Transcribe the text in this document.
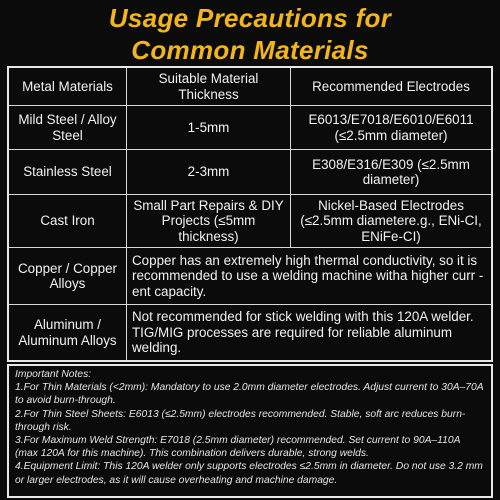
Usage Precautions for
Common Materials
Metal Materials
Suitable Material Thickness
Recommended Electrodes
Mild Steel / Alloy Steel
1-5mm
E6013/E7018/E6010/E6011 (≤2.5mm diameter)
Stainless Steel	2-3mm
E308/E316/E309 (≤2.5mm diameter)
Cast Iron
Small Part Repairs & DIY Projects (≤5mm thickness)
Nickel-Based Electrodes (≤2.5mm diametere.g., ENi-CI, ENiFe-CI)
Copper / Copper Alloys
Copper has an extremely high thermal conductivity, so it is recommended to use a welding machine witha higher curr -ent capacity.
Aluminum / Aluminum Alloys
Not recommended for stick welding with this 120A welder. TIG/MIG processes are required for reliable aluminum welding.

Important Notes:

1.For Thin Materials (<2mm): Mandatory to use 2.0mm diameter electrodes. Adjust current to 30A–70A to avoid burn-through.

2.For Thin Steel Sheets: E6013 (≤2.5mm) electrodes recommended. Stable, soft arc reduces burn-through risk.

3.For Maximum Weld Strength: E7018 (2.5mm diameter) recommended. Set current to 90A–110A (max 120A for this machine). This combination delivers durable, strong welds.

4.Equipment Limit: This 120A welder only supports electrodes ≤2.5mm in diameter. Do not use 3.2 mm or larger electrodes, as it will cause overheating and machine damage.
